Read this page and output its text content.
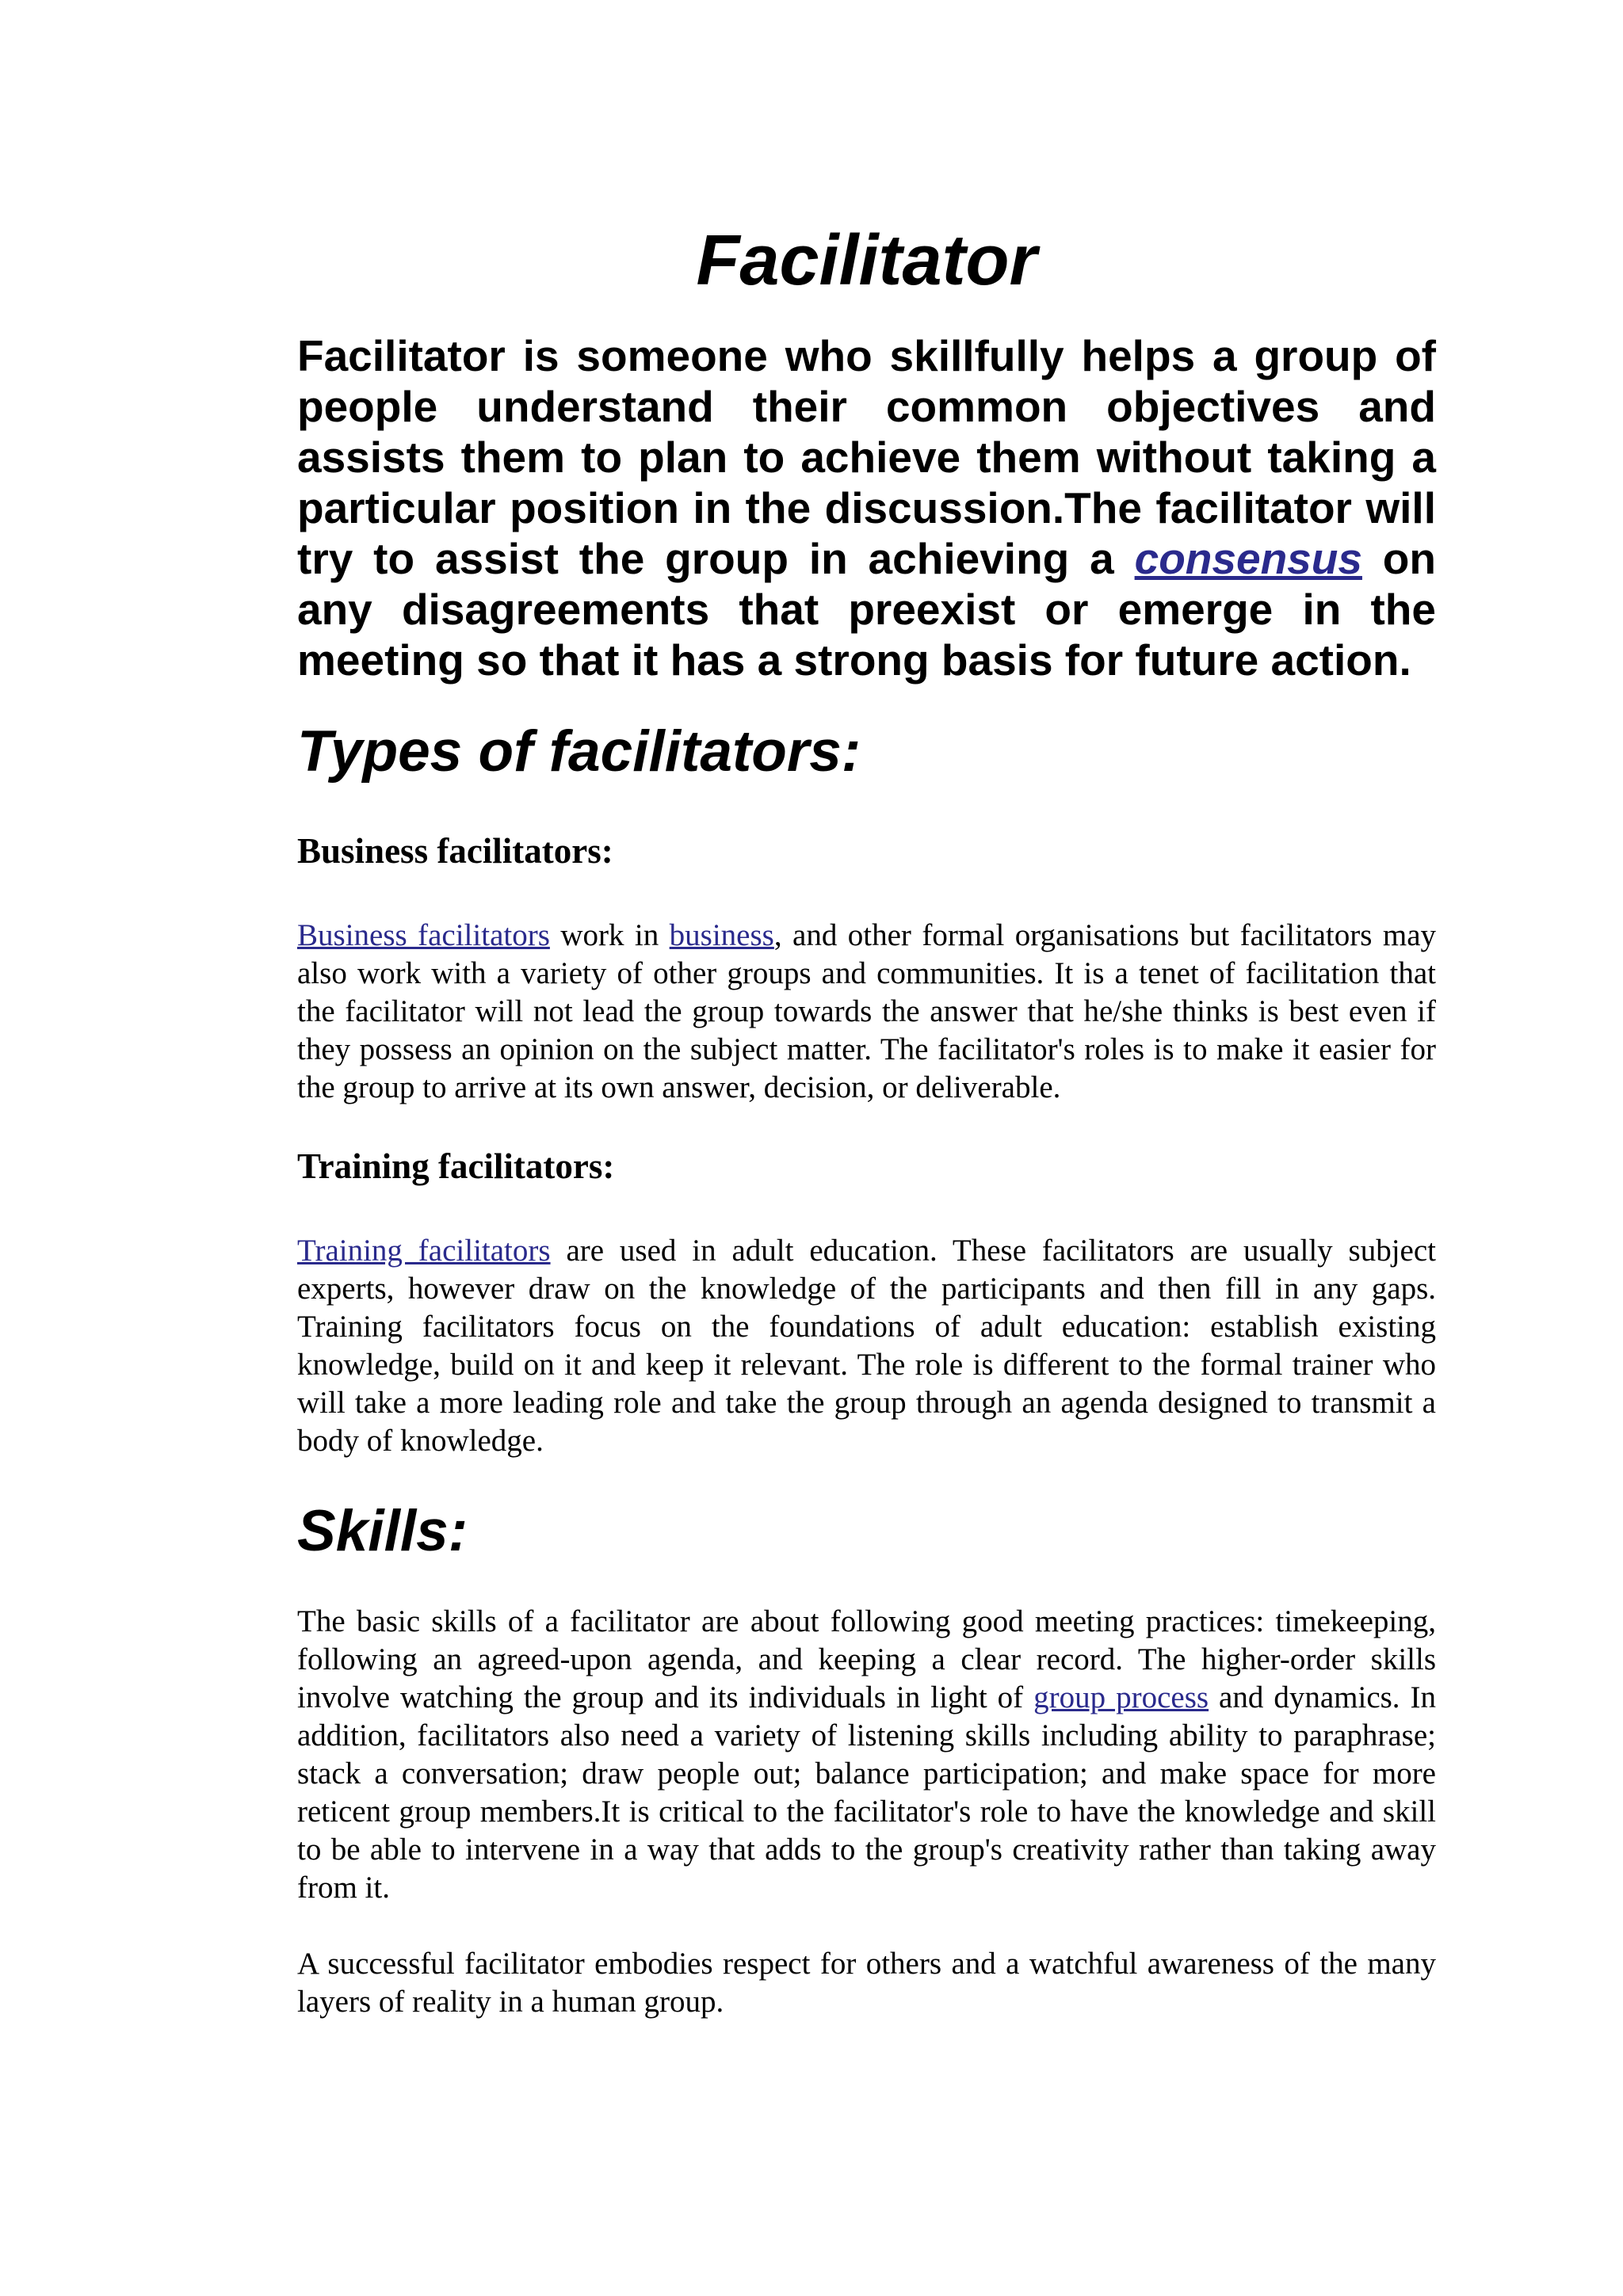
Facilitator

Facilitator is someone who skillfully helps a group of people understand their common objectives and assists them to plan to achieve them without taking a particular position in the discussion.The facilitator will try to assist the group in achieving a consensus on any disagreements that preexist or emerge in the meeting so that it has a strong basis for future action.

Types of facilitators:
Business facilitators:

Business facilitators work in business, and other formal organisations but facilitators may also work with a variety of other groups and communities. It is a tenet of facilitation that the facilitator will not lead the group towards the answer that he/she thinks is best even if they possess an opinion on the subject matter. The facilitator's roles is to make it easier for the group to arrive at its own answer, decision, or deliverable.

Training facilitators:

Training facilitators are used in adult education. These facilitators are usually subject experts, however draw on the knowledge of the participants and then fill in any gaps. Training facilitators focus on the foundations of adult education: establish existing knowledge, build on it and keep it relevant. The role is different to the formal trainer who will take a more leading role and take the group through an agenda designed to transmit a body of knowledge.

Skills:

The basic skills of a facilitator are about following good meeting practices: timekeeping, following an agreed-upon agenda, and keeping a clear record. The higher-order skills involve watching the group and its individuals in light of group process and dynamics. In addition, facilitators also need a variety of listening skills including ability to paraphrase; stack a conversation; draw people out; balance participation; and make space for more reticent group members.It is critical to the facilitator's role to have the knowledge and skill to be able to intervene in a way that adds to the group's creativity rather than taking away from it.

A successful facilitator embodies respect for others and a watchful awareness of the many layers of reality in a human group.
